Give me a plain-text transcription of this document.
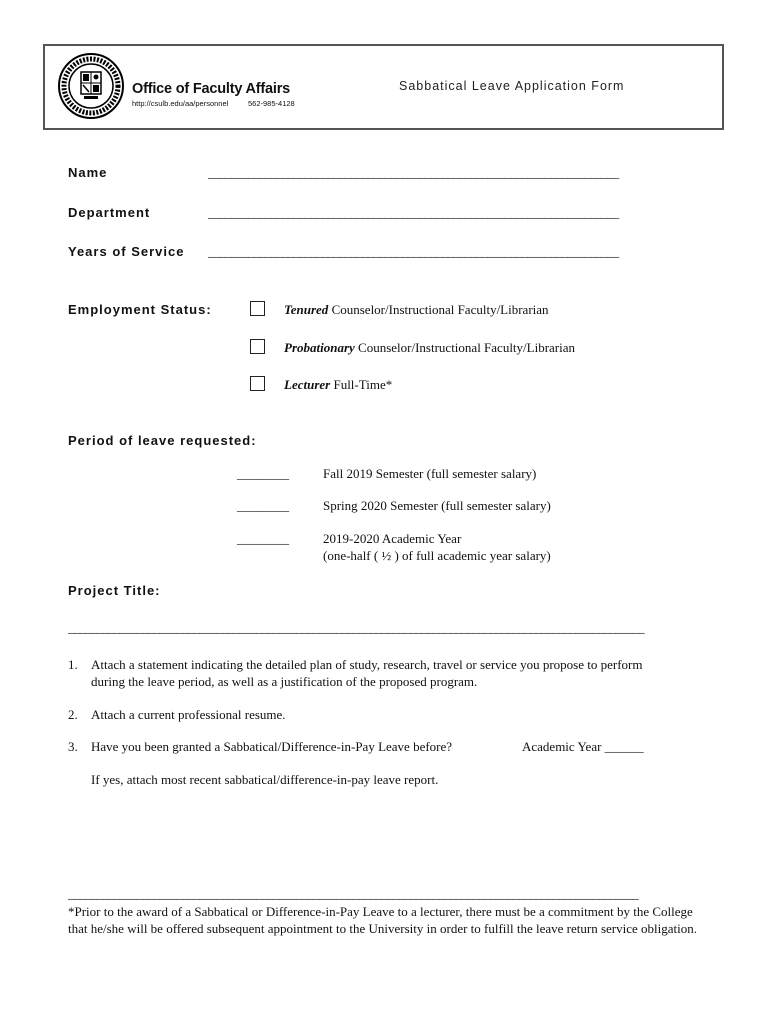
Office of Faculty Affairs
http://csulb.edu/aa/personnel	562-985-4128
Sabbatical Leave Application Form
Name	________________________________________________________________________
Department	________________________________________________________________________
Years of Service ________________________________________________________________________
Employment Status:	Tenured Counselor/Instructional Faculty/Librarian
Probationary Counselor/Instructional Faculty/Librarian
Lecturer Full-Time*
Period of leave requested:
________	Fall 2019 Semester (full semester salary)
________	Spring 2020 Semester (full semester salary)
________	2019-2020 Academic Year
(one-half ( ½ ) of full academic year salary)
Project Title:
_____________________________________________________________________________________________________
1. Attach a statement indicating the detailed plan of study, research, travel or service you propose to perform
during the leave period, as well as a justification of the proposed program.
2. Attach a current professional resume.
3. Have you been granted a Sabbatical/Difference-in-Pay Leave before?	Academic Year ______
If yes, attach most recent sabbatical/difference-in-pay leave report.
____________________________________________________________________________________________________
*Prior to the award of a Sabbatical or Difference-in-Pay Leave to a lecturer, there must be a commitment by the College that he/she will be offered subsequent appointment to the University in order to fulfill the leave return service obligation.
